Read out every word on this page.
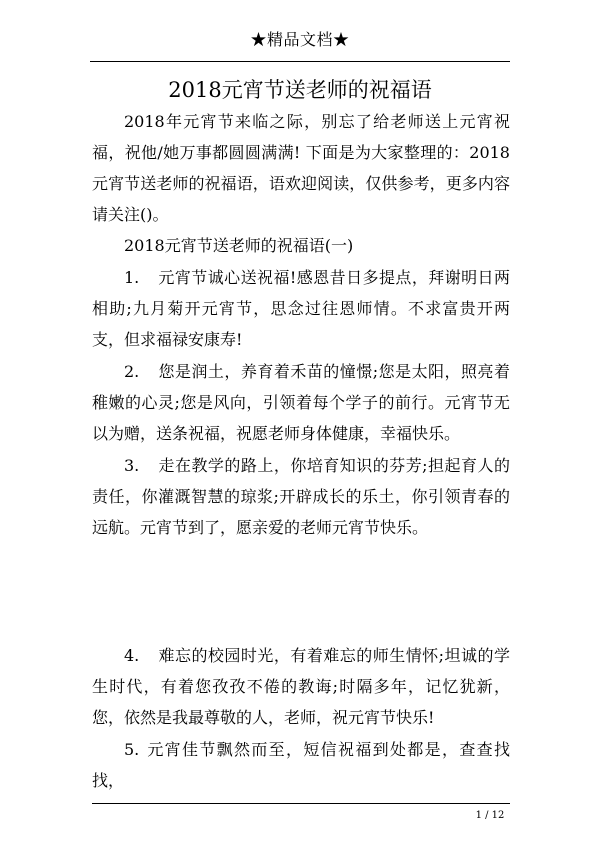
★精品文档★
2018元宵节送老师的祝福语

2018年元宵节来临之际，别忘了给老师送上元宵祝福，祝他/她万事都圆圆满满! 下面是为大家整理的：2018元宵节送老师的祝福语，语欢迎阅读，仅供参考，更多内容请关注()。

2018元宵节送老师的祝福语(一)

1. 元宵节诚心送祝福!感恩昔日多提点，拜谢明日两相助;九月菊开元宵节，思念过往恩师情。不求富贵开两支，但求福禄安康寿!

2. 您是润土，养育着禾苗的憧憬;您是太阳，照亮着稚嫩的心灵;您是风向，引领着每个学子的前行。元宵节无以为赠，送条祝福，祝愿老师身体健康，幸福快乐。

3. 走在教学的路上，你培育知识的芬芳;担起育人的责任，你灌溉智慧的琼浆;开辟成长的乐土，你引领青春的远航。元宵节到了，愿亲爱的老师元宵节快乐。

4. 难忘的校园时光，有着难忘的师生情怀;坦诚的学生时代，有着您孜孜不倦的教诲;时隔多年，记忆犹新，您，依然是我最尊敬的人，老师，祝元宵节快乐!

5. 元宵佳节飘然而至，短信祝福到处都是，查查找找，

1 / 12
